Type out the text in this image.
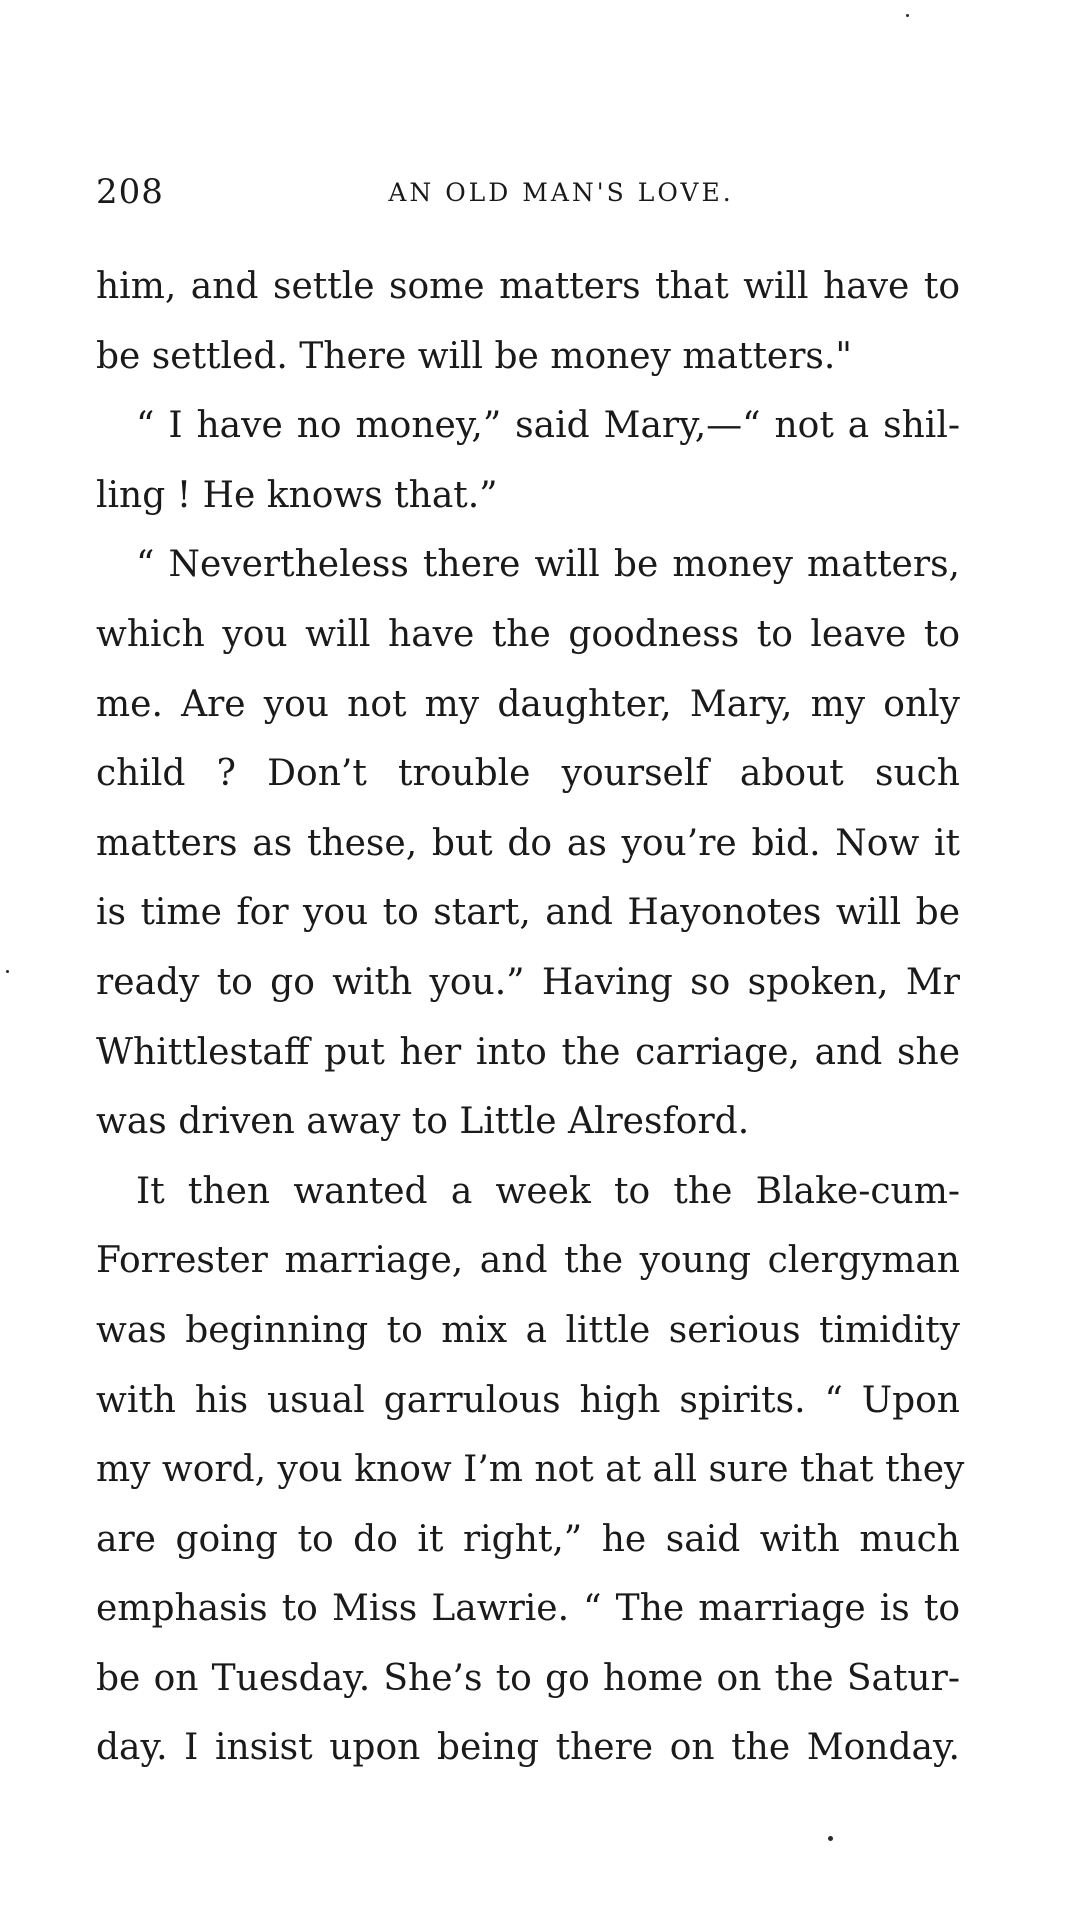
208	AN OLD MAN'S LOVE.
him, and settle some matters that will have to
be settled. There will be money matters."
“ I have no money,” said Mary,—“ not a shil-
ling ! He knows that.”
“ Nevertheless there will be money matters,
which you will have the goodness to leave to
me. Are you not my daughter, Mary, my only
child ? Don’t trouble yourself about such
matters as these, but do as you’re bid. Now it
is time for you to start, and Hayonotes will be
ready to go with you.” Having so spoken, Mr
Whittlestaff put her into the carriage, and she
was driven away to Little Alresford.
It then wanted a week to the Blake-cum-
Forrester marriage, and the young clergyman
was beginning to mix a little serious timidity
with his usual garrulous high spirits. “ Upon
my word, you know I’m not at all sure that they
are going to do it right,” he said with much
emphasis to Miss Lawrie. “ The marriage is to
be on Tuesday. She’s to go home on the Satur-
day. I insist upon being there on the Monday.
